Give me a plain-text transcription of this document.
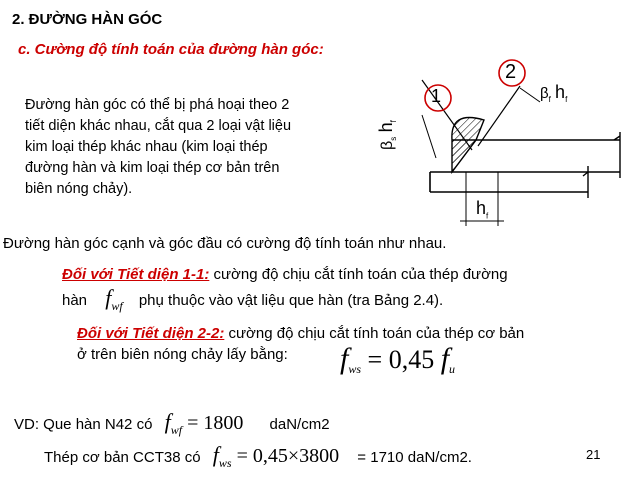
2. ĐƯỜNG HÀN GÓC
c. Cường độ tính toán của đường hàn góc:
Đường hàn góc có thể bị phá hoại theo 2
tiết diện khác nhau, cắt qua 2 loại vật liệu
kim loại thép khác nhau (kim loại thép
đường hàn và kim loại thép cơ bản trên
biên nóng chảy).
1
2
$\beta_f$ $h_f$
$\beta_s$ $h_f$
$h_f$
Đường hàn góc cạnh và góc đầu có cường độ tính toán như nhau.
Đối với Tiết diện 1-1: cường độ chịu cắt tính toán của thép đường
hàn $f_{wf}$ phụ thuộc vào vật liệu que hàn (tra Bảng 2.4).
Đối với Tiết diện 2-2: cường độ chịu cắt tính toán của thép cơ bản
ở trên biên nóng chảy lấy bằng: $f_{ws} = 0,45$ $f_u$
VD: Que hàn N42 có $f_{wf} = 1800$ daN/cm2
Thép cơ bản CCT38 có $f_{ws} = 0,45\times 3800 = 1710$ daN/cm2.	21
